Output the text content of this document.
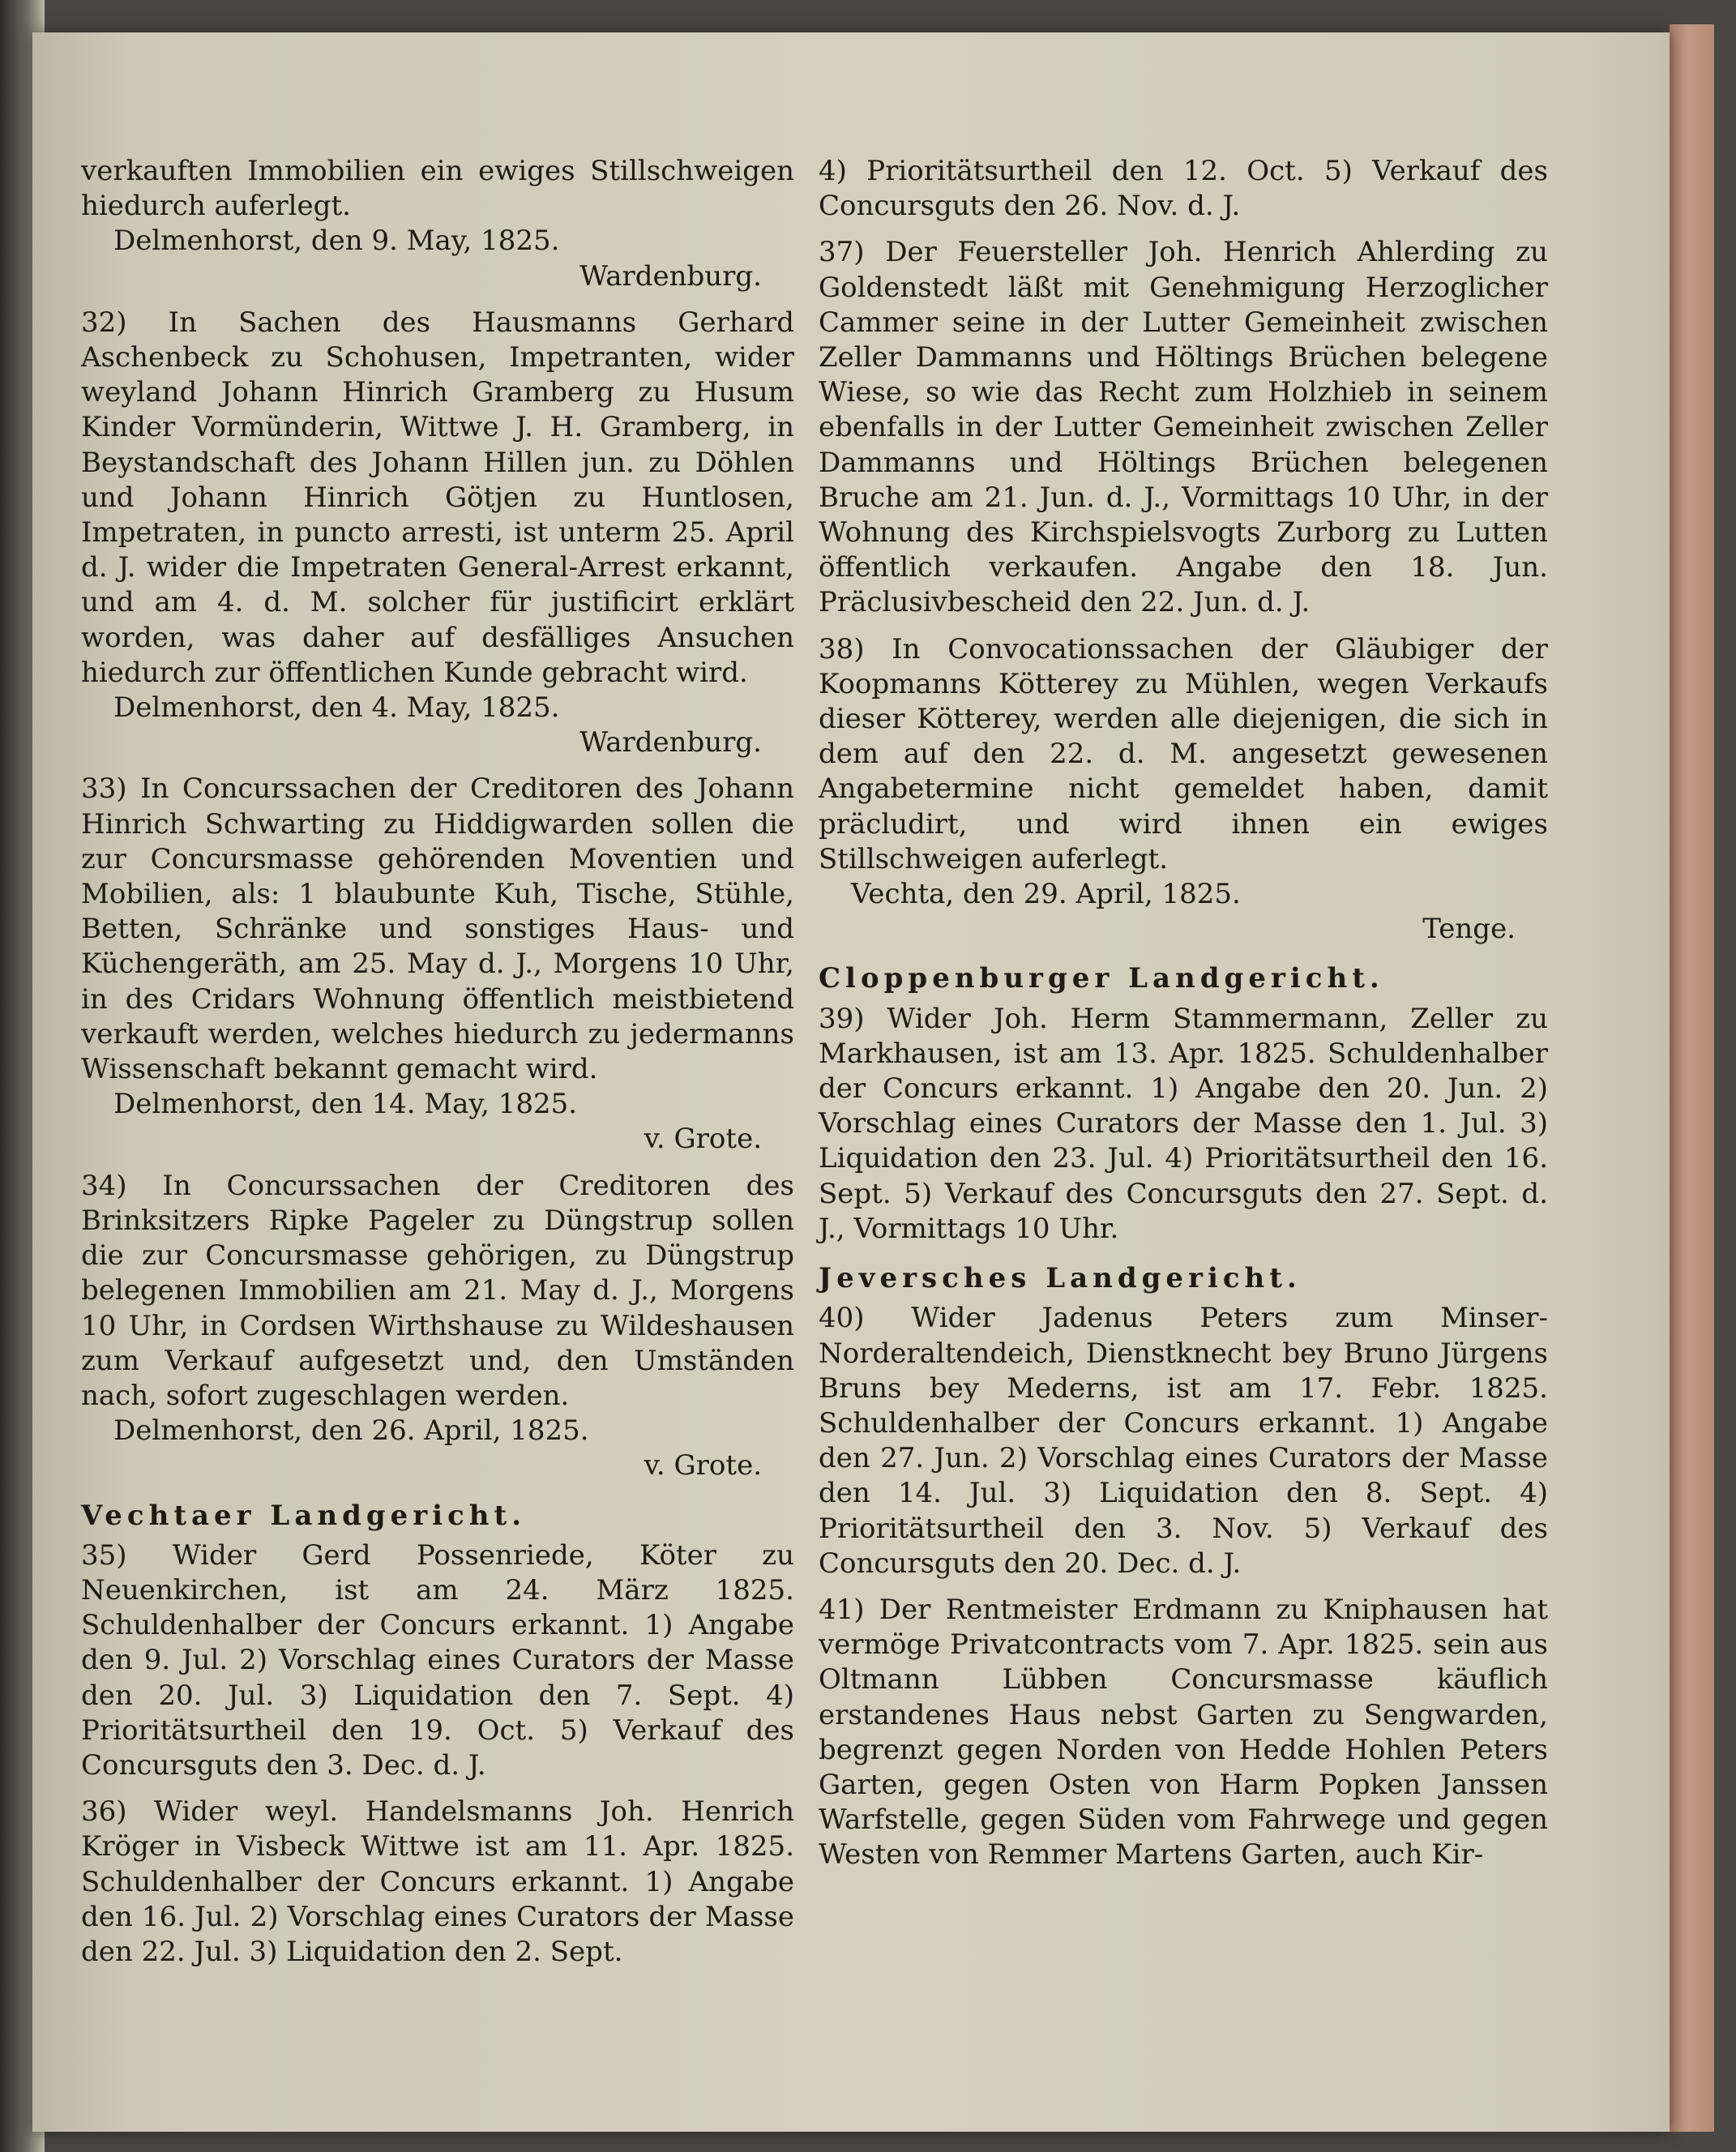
verkauften Immobilien ein ewiges Stillschweigen hiedurch auferlegt.

Delmenhorst, den 9. May, 1825.

Wardenburg.

32) In Sachen des Hausmanns Gerhard Aschenbeck zu Schohusen, Impetranten, wider weyland Johann Hinrich Gramberg zu Husum Kinder Vormünderin, Wittwe J. H. Gramberg, in Beystandschaft des Johann Hillen jun. zu Döhlen und Johann Hinrich Götjen zu Huntlosen, Impetraten, in puncto arresti, ist unterm 25. April d. J. wider die Impetraten General-Arrest erkannt, und am 4. d. M. solcher für justificirt erklärt worden, was daher auf desfälliges Ansuchen hiedurch zur öffentlichen Kunde gebracht wird.

Delmenhorst, den 4. May, 1825.

Wardenburg.

33) In Concurssachen der Creditoren des Johann Hinrich Schwarting zu Hiddigwarden sollen die zur Concursmasse gehörenden Moventien und Mobilien, als: 1 blaubunte Kuh, Tische, Stühle, Betten, Schränke und sonstiges Haus- und Küchengeräth, am 25. May d. J., Morgens 10 Uhr, in des Cridars Wohnung öffentlich meistbietend verkauft werden, welches hiedurch zu jedermanns Wissenschaft bekannt gemacht wird.

Delmenhorst, den 14. May, 1825.

v. Grote.

34) In Concurssachen der Creditoren des Brinksitzers Ripke Pageler zu Düngstrup sollen die zur Concursmasse gehörigen, zu Düngstrup belegenen Immobilien am 21. May d. J., Morgens 10 Uhr, in Cordsen Wirthshause zu Wildeshausen zum Verkauf aufgesetzt und, den Umständen nach, sofort zugeschlagen werden.

Delmenhorst, den 26. April, 1825.

v. Grote.

Vechtaer Landgericht.

35) Wider Gerd Possenriede, Köter zu Neuenkirchen, ist am 24. März 1825. Schuldenhalber der Concurs erkannt. 1) Angabe den 9. Jul. 2) Vorschlag eines Curators der Masse den 20. Jul. 3) Liquidation den 7. Sept. 4) Prioritätsurtheil den 19. Oct. 5) Verkauf des Concursguts den 3. Dec. d. J.

36) Wider weyl. Handelsmanns Joh. Henrich Kröger in Visbeck Wittwe ist am 11. Apr. 1825. Schuldenhalber der Concurs erkannt. 1) Angabe den 16. Jul. 2) Vorschlag eines Curators der Masse den 22. Jul. 3) Liquidation den 2. Sept.

4) Prioritätsurtheil den 12. Oct. 5) Verkauf des Concursguts den 26. Nov. d. J.

37) Der Feuersteller Joh. Henrich Ahlerding zu Goldenstedt läßt mit Genehmigung Herzoglicher Cammer seine in der Lutter Gemeinheit zwischen Zeller Dammanns und Höltings Brüchen belegene Wiese, so wie das Recht zum Holzhieb in seinem ebenfalls in der Lutter Gemeinheit zwischen Zeller Dammanns und Höltings Brüchen belegenen Bruche am 21. Jun. d. J., Vormittags 10 Uhr, in der Wohnung des Kirchspielsvogts Zurborg zu Lutten öffentlich verkaufen. Angabe den 18. Jun. Präclusivbescheid den 22. Jun. d. J.

38) In Convocationssachen der Gläubiger der Koopmanns Kötterey zu Mühlen, wegen Verkaufs dieser Kötterey, werden alle diejenigen, die sich in dem auf den 22. d. M. angesetzt gewesenen Angabetermine nicht gemeldet haben, damit präcludirt, und wird ihnen ein ewiges Stillschweigen auferlegt.

Vechta, den 29. April, 1825.

Tenge.

Cloppenburger Landgericht.

39) Wider Joh. Herm Stammermann, Zeller zu Markhausen, ist am 13. Apr. 1825. Schuldenhalber der Concurs erkannt. 1) Angabe den 20. Jun. 2) Vorschlag eines Curators der Masse den 1. Jul. 3) Liquidation den 23. Jul. 4) Prioritätsurtheil den 16. Sept. 5) Verkauf des Concursguts den 27. Sept. d. J., Vormittags 10 Uhr.

Jeversches Landgericht.

40) Wider Jadenus Peters zum Minser-Norderaltendeich, Dienstknecht bey Bruno Jürgens Bruns bey Mederns, ist am 17. Febr. 1825. Schuldenhalber der Concurs erkannt. 1) Angabe den 27. Jun. 2) Vorschlag eines Curators der Masse den 14. Jul. 3) Liquidation den 8. Sept. 4) Prioritätsurtheil den 3. Nov. 5) Verkauf des Concursguts den 20. Dec. d. J.

41) Der Rentmeister Erdmann zu Kniphausen hat vermöge Privatcontracts vom 7. Apr. 1825. sein aus Oltmann Lübben Concursmasse käuflich erstandenes Haus nebst Garten zu Sengwarden, begrenzt gegen Norden von Hedde Hohlen Peters Garten, gegen Osten von Harm Popken Janssen Warfstelle, gegen Süden vom Fahrwege und gegen Westen von Remmer Martens Garten, auch Kir-
